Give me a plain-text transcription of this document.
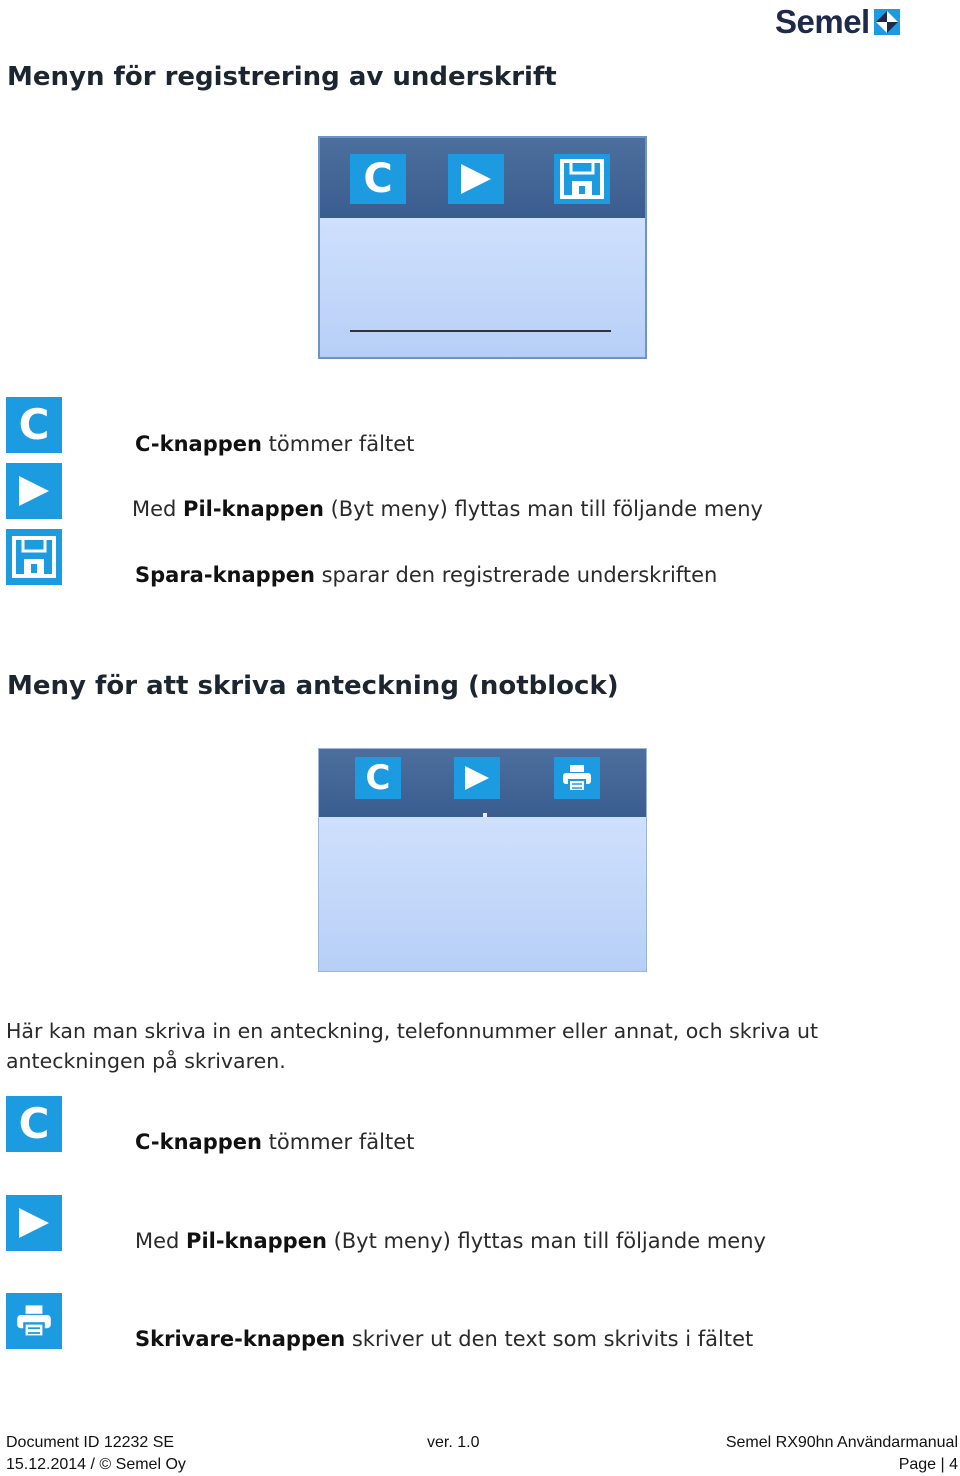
Semel
Menyn för registrering av underskrift
C
C	C-knappen tömmer fältet
Med Pil-knappen (Byt meny) flyttas man till följande meny
Spara-knappen sparar den registrerade underskriften
Meny för att skriva anteckning (notblock)
C
Här kan man skriva in en anteckning, telefonnummer eller annat, och skriva ut anteckningen på skrivaren.
C	C-knappen tömmer fältet
Med Pil-knappen (Byt meny) flyttas man till följande meny
Skrivare-knappen skriver ut den text som skrivits i fältet
Document ID 12232 SE	ver. 1.0	Semel RX90hn Användarmanual
15.12.2014 / © Semel Oy	Page | 4
